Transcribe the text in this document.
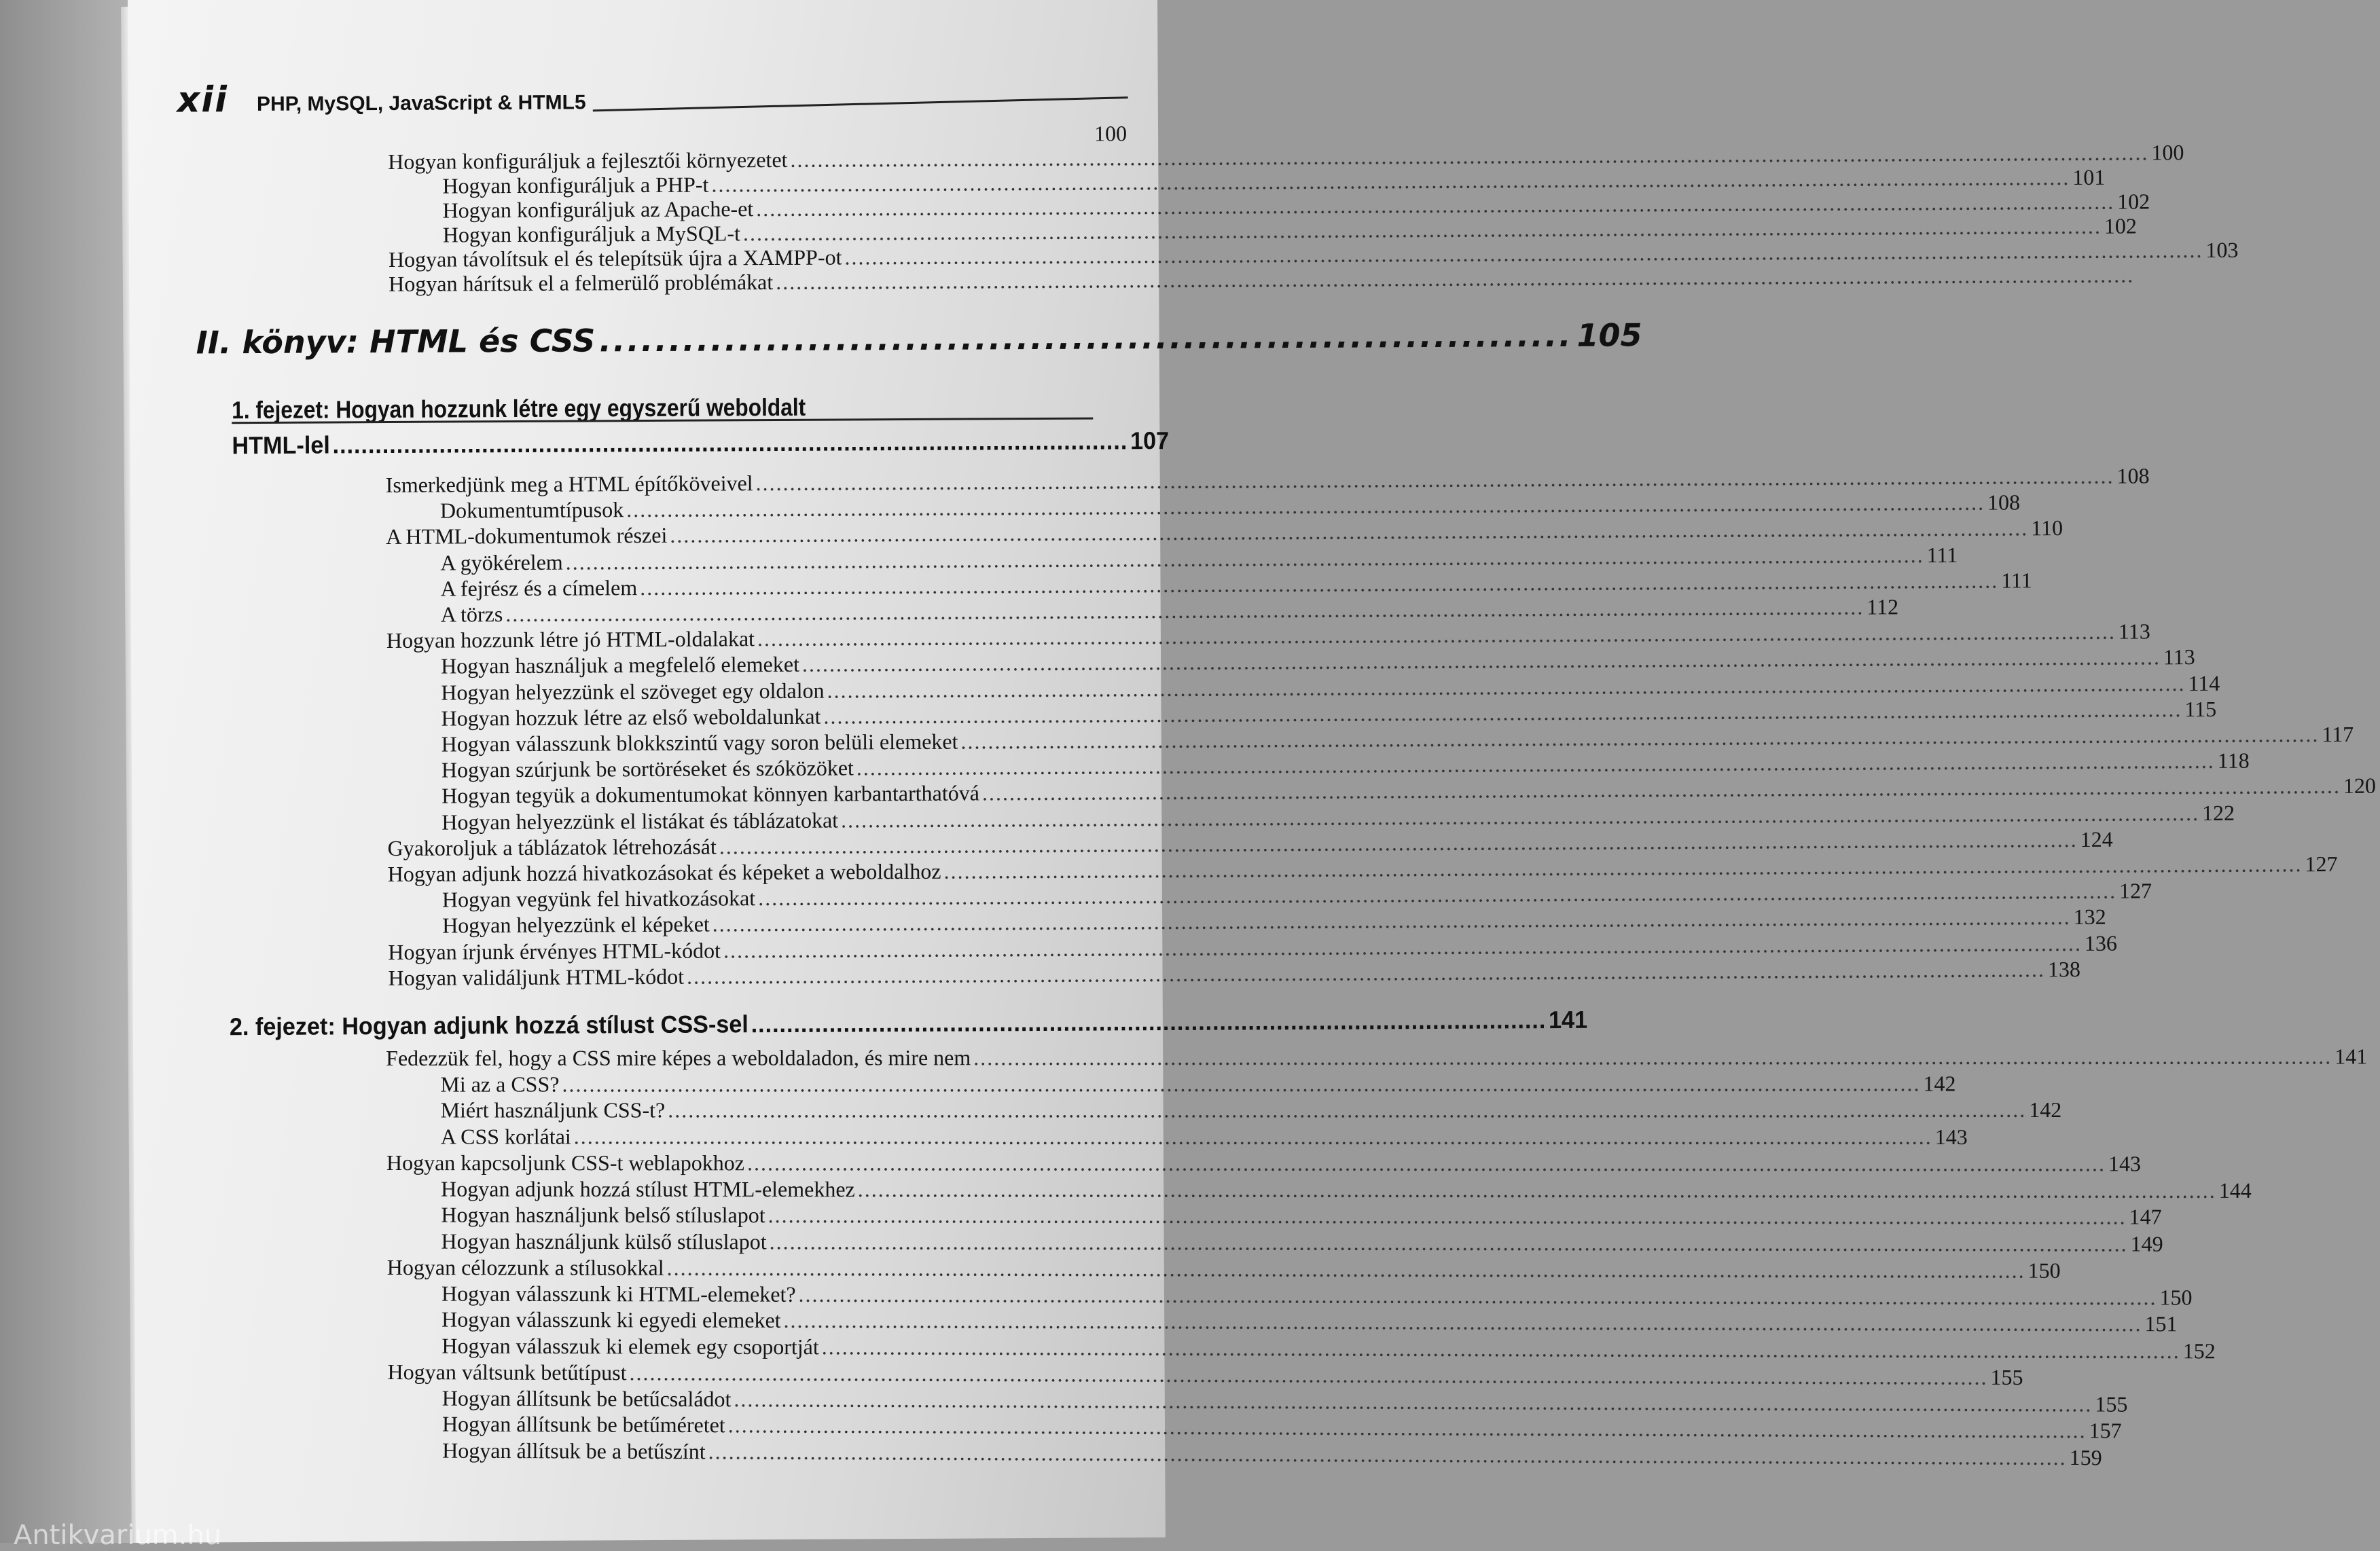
xii PHP, MySQL, JavaScript & HTML5
100
Hogyan konfiguráljuk a fejlesztői környezetet ........................................................................................................................................................................................................ 100
Hogyan konfiguráljuk a PHP-t ........................................................................................................................................................................................................ 101
Hogyan konfiguráljuk az Apache-et ........................................................................................................................................................................................................ 102
Hogyan konfiguráljuk a MySQL-t ........................................................................................................................................................................................................ 102
Hogyan távolítsuk el és telepítsük újra a XAMPP-ot ........................................................................................................................................................................................................ 103
Hogyan hárítsuk el a felmerülő problémákat ........................................................................................................................................................................................................
II. könyv: HTML és CSS ...................................................................... 105
1. fejezet: Hogyan hozzunk létre egy egyszerű weboldalt
HTML-lel ................................................................................................................ 107
Ismerkedjünk meg a HTML építőköveivel ........................................................................................................................................................................................................ 108
Dokumentumtípusok ........................................................................................................................................................................................................ 108
A HTML-dokumentumok részei ........................................................................................................................................................................................................ 110
A gyökérelem ........................................................................................................................................................................................................ 111
A fejrész és a címelem ........................................................................................................................................................................................................ 111
A törzs ........................................................................................................................................................................................................ 112
Hogyan hozzunk létre jó HTML-oldalakat ........................................................................................................................................................................................................ 113
Hogyan használjuk a megfelelő elemeket ........................................................................................................................................................................................................ 113
Hogyan helyezzünk el szöveget egy oldalon ........................................................................................................................................................................................................ 114
Hogyan hozzuk létre az első weboldalunkat ........................................................................................................................................................................................................ 115
Hogyan válasszunk blokkszintű vagy soron belüli elemeket ........................................................................................................................................................................................................ 117
Hogyan szúrjunk be sortöréseket és szóközöket ........................................................................................................................................................................................................ 118
Hogyan tegyük a dokumentumokat könnyen karbantarthatóvá ........................................................................................................................................................................................................ 120
Hogyan helyezzünk el listákat és táblázatokat ........................................................................................................................................................................................................ 122
Gyakoroljuk a táblázatok létrehozását ........................................................................................................................................................................................................ 124
Hogyan adjunk hozzá hivatkozásokat és képeket a weboldalhoz ........................................................................................................................................................................................................ 127
Hogyan vegyünk fel hivatkozásokat ........................................................................................................................................................................................................ 127
Hogyan helyezzünk el képeket ........................................................................................................................................................................................................ 132
Hogyan írjunk érvényes HTML-kódot ........................................................................................................................................................................................................ 136
Hogyan validáljunk HTML-kódot ........................................................................................................................................................................................................ 138
2. fejezet: Hogyan adjunk hozzá stílust CSS-sel ................................................................................................................ 141
Fedezzük fel, hogy a CSS mire képes a weboldaladon, és mire nem ........................................................................................................................................................................................................ 141
Mi az a CSS? ........................................................................................................................................................................................................ 142
Miért használjunk CSS-t? ........................................................................................................................................................................................................ 142
A CSS korlátai ........................................................................................................................................................................................................ 143
Hogyan kapcsoljunk CSS-t weblapokhoz ........................................................................................................................................................................................................ 143
Hogyan adjunk hozzá stílust HTML-elemekhez ........................................................................................................................................................................................................ 144
Hogyan használjunk belső stíluslapot ........................................................................................................................................................................................................ 147
Hogyan használjunk külső stíluslapot ........................................................................................................................................................................................................ 149
Hogyan célozzunk a stílusokkal ........................................................................................................................................................................................................ 150
Hogyan válasszunk ki HTML-elemeket? ........................................................................................................................................................................................................ 150
Hogyan válasszunk ki egyedi elemeket ........................................................................................................................................................................................................ 151
Hogyan válasszuk ki elemek egy csoportját ........................................................................................................................................................................................................ 152
Hogyan váltsunk betűtípust ........................................................................................................................................................................................................ 155
Hogyan állítsunk be betűcsaládot ........................................................................................................................................................................................................ 155
Hogyan állítsunk be betűméretet ........................................................................................................................................................................................................ 157
Hogyan állítsuk be a betűszínt ........................................................................................................................................................................................................ 159
Antikvarium.hu
